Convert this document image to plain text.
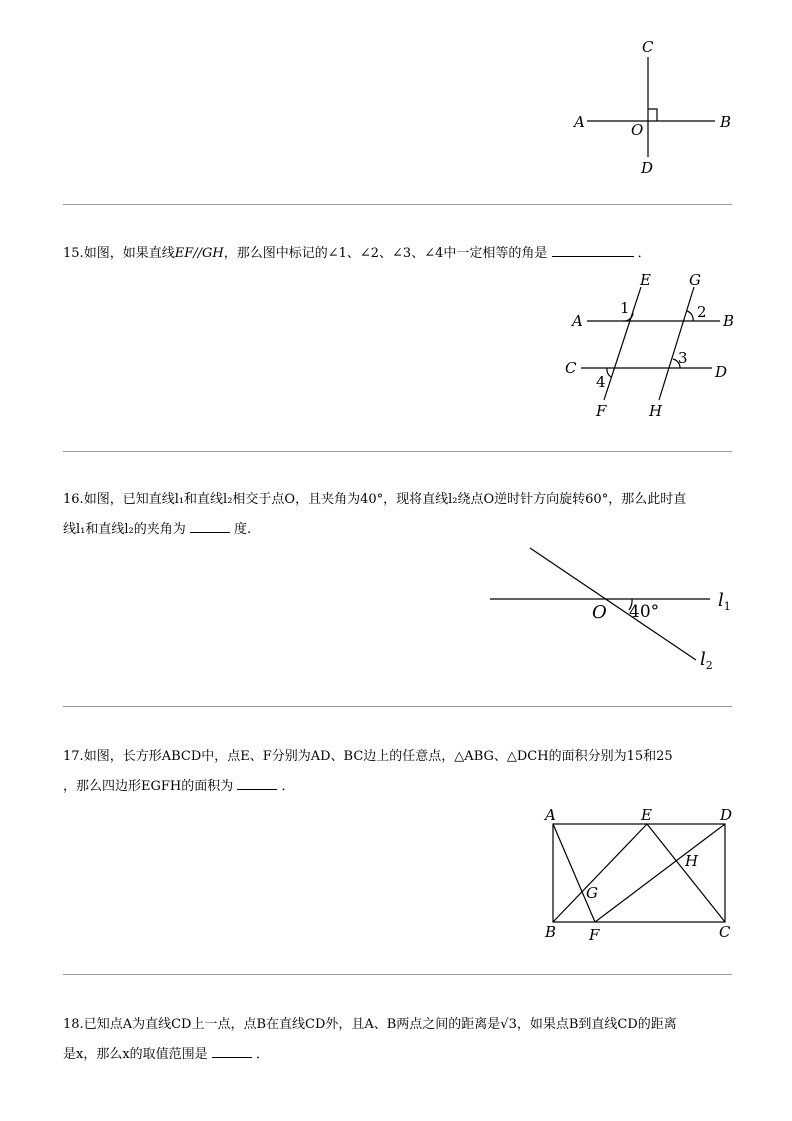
C
A	B
O
D
15.如图，如果直线EF//GH，那么图中标记的∠1、∠2、∠3、∠4中一定相等的角是	．
E	G
A	B
C	D
F	H
1	2
3
4
16.如图，已知直线l₁和直线l₂相交于点O，且夹角为40°，现将直线l₂绕点O逆时针方向旋转60°，那么此时直
线l₁和直线l₂的夹角为	度.
O 40°
$l_1$
$l_2$
17.如图，长方形ABCD中，点E、F分别为AD、BC边上的任意点，△ABG、△DCH的面积分别为15和25
，那么四边形EGFH的面积为	．
A	E	D
H
G
B F	C
18.已知点A为直线CD上一点，点B在直线CD外，且A、B两点之间的距离是√3，如果点B到直线CD的距离
是x，那么x的取值范围是	．
